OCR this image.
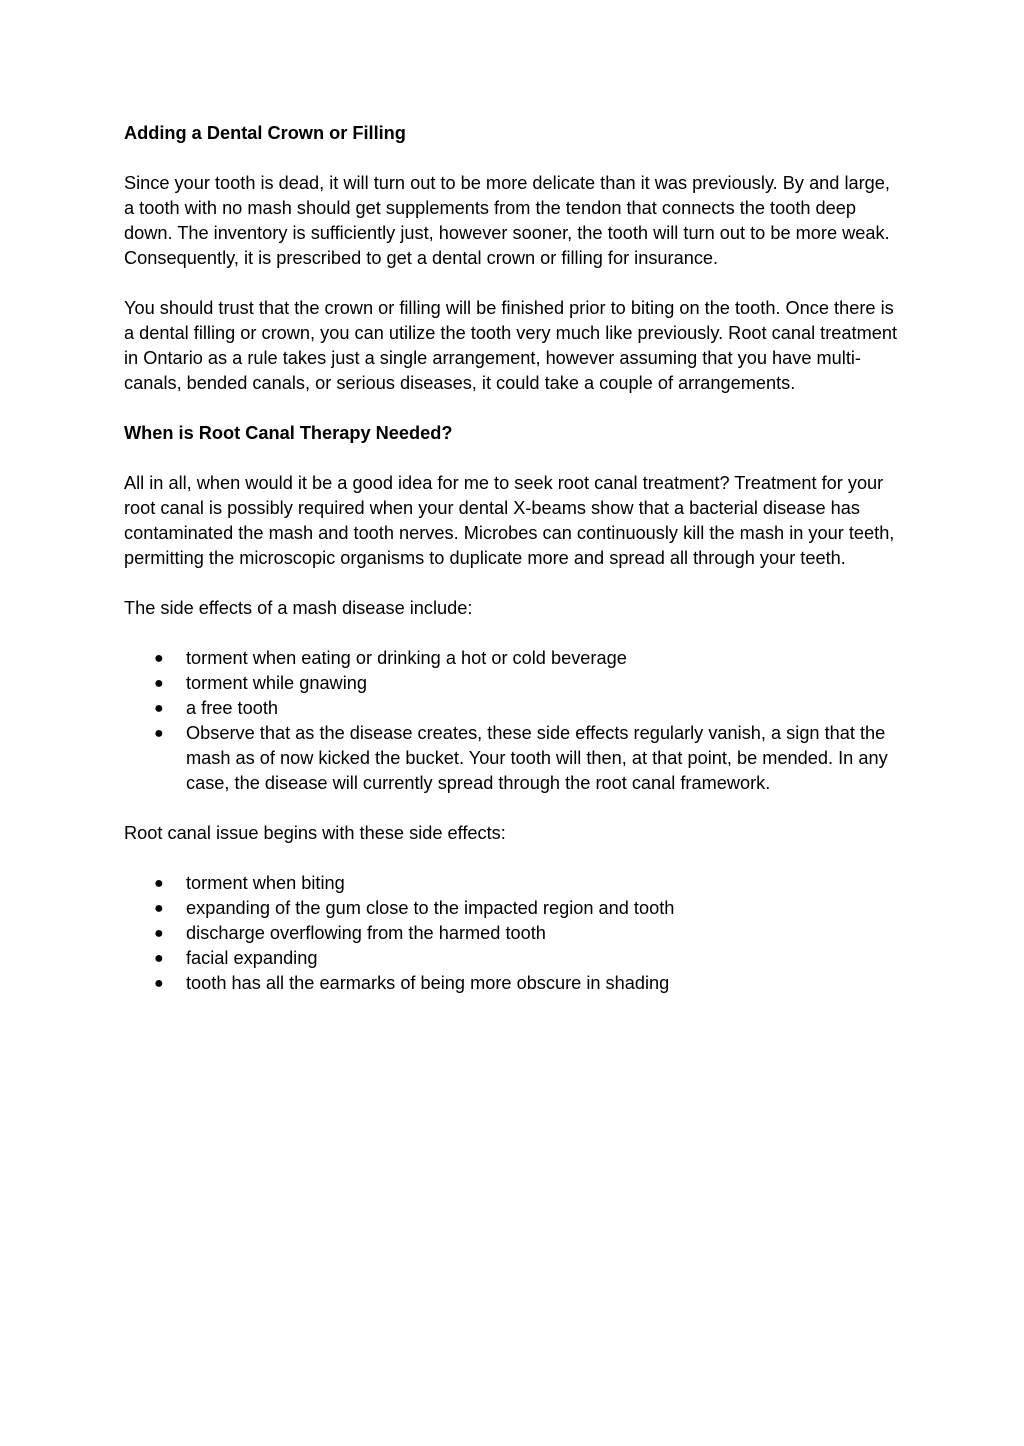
Adding a Dental Crown or Filling
Since your tooth is dead, it will turn out to be more delicate than it was previously. By and large, a tooth with no mash should get supplements from the tendon that connects the tooth deep down. The inventory is sufficiently just, however sooner, the tooth will turn out to be more weak. Consequently, it is prescribed to get a dental crown or filling for insurance.
You should trust that the crown or filling will be finished prior to biting on the tooth. Once there is a dental filling or crown, you can utilize the tooth very much like previously. Root canal treatment in Ontario as a rule takes just a single arrangement, however assuming that you have multi-canals, bended canals, or serious diseases, it could take a couple of arrangements.
When is Root Canal Therapy Needed?
All in all, when would it be a good idea for me to seek root canal treatment? Treatment for your root canal is possibly required when your dental X-beams show that a bacterial disease has contaminated the mash and tooth nerves. Microbes can continuously kill the mash in your teeth, permitting the microscopic organisms to duplicate more and spread all through your teeth.
The side effects of a mash disease include:
● torment when eating or drinking a hot or cold beverage
● torment while gnawing
● a free tooth
● Observe that as the disease creates, these side effects regularly vanish, a sign that the mash as of now kicked the bucket. Your tooth will then, at that point, be mended. In any case, the disease will currently spread through the root canal framework.
Root canal issue begins with these side effects:
● torment when biting
● expanding of the gum close to the impacted region and tooth
● discharge overflowing from the harmed tooth
● facial expanding
● tooth has all the earmarks of being more obscure in shading
